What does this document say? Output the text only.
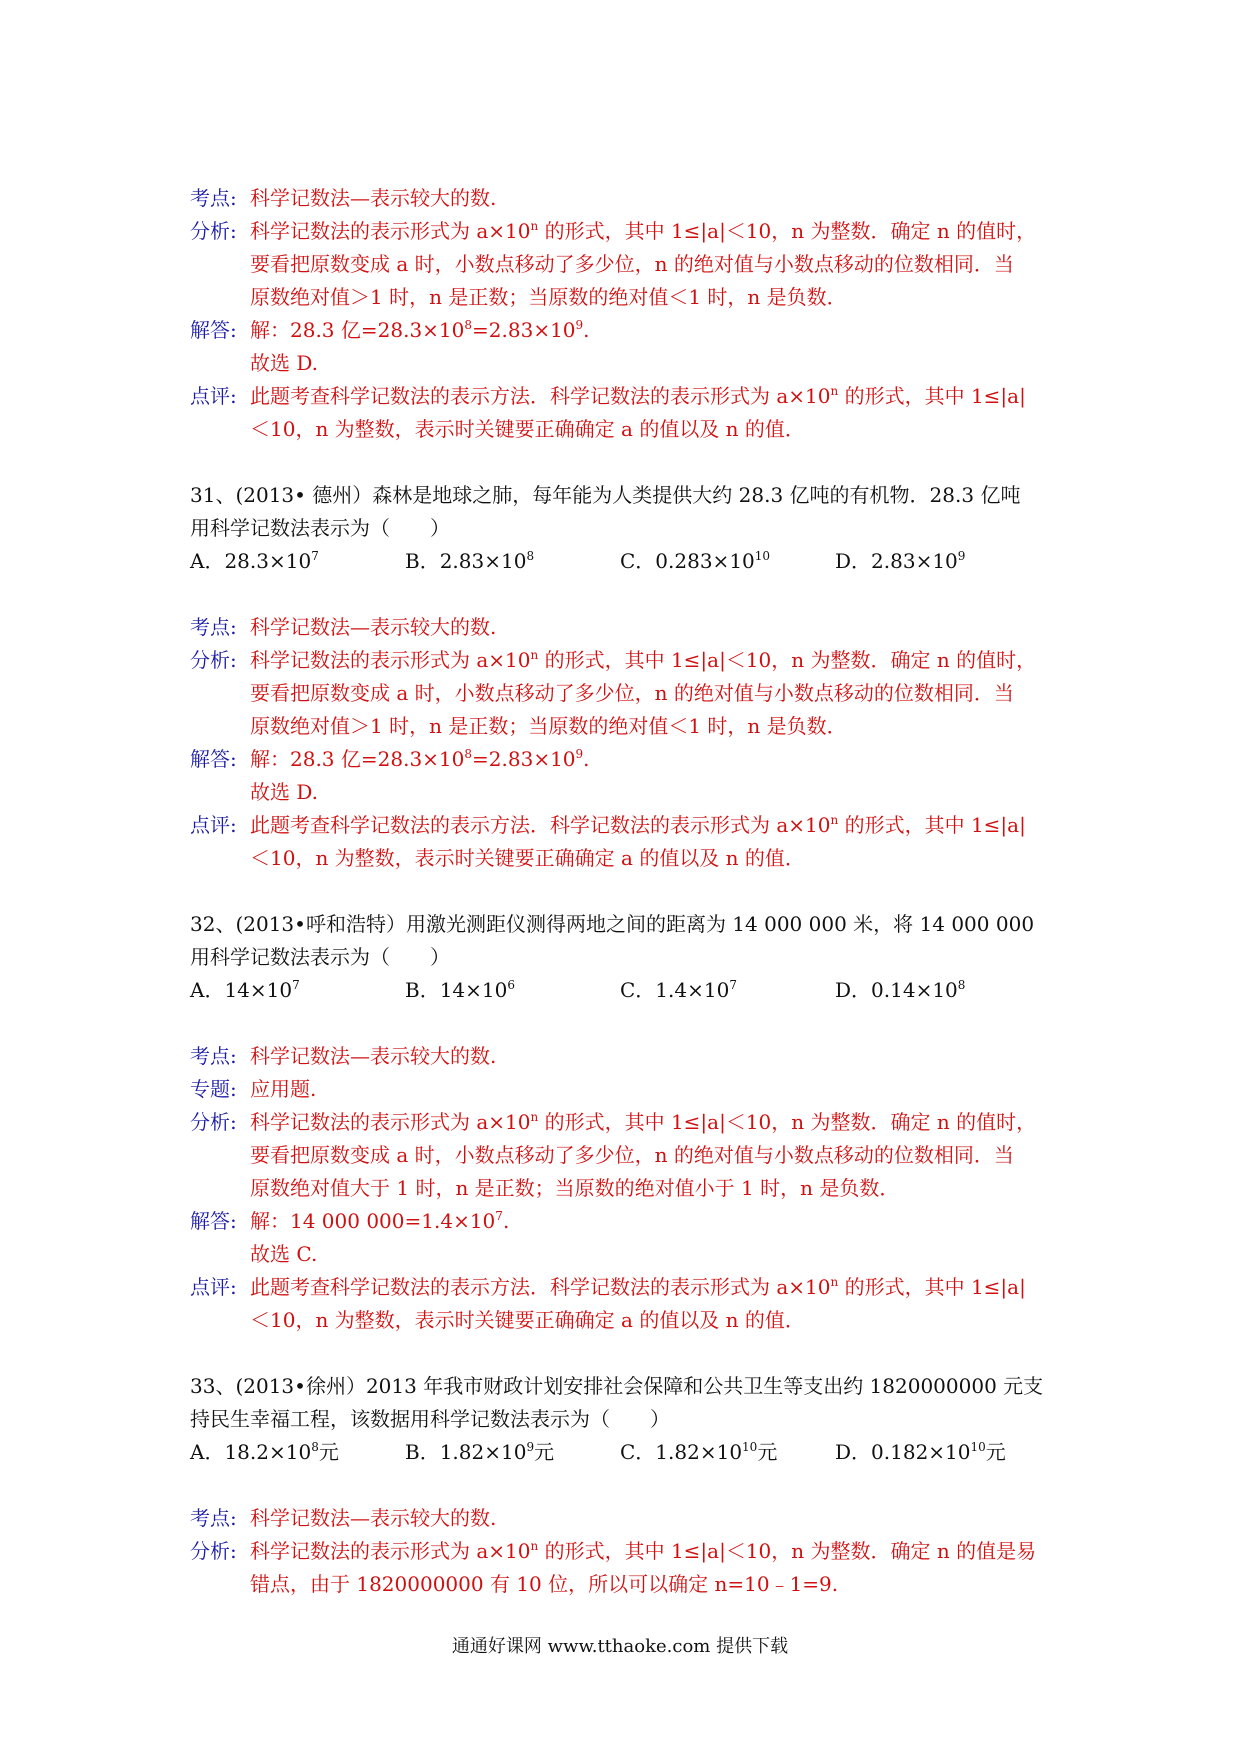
考点: 科学记数法—表示较大的数.
分析: 科学记数法的表示形式为 $a\times 10^n$ 的形式，其中 1≤|a|＜10，n 为整数．确定 n 的值时，
要看把原数变成 a 时，小数点移动了多少位，n 的绝对值与小数点移动的位数相同．当
原数绝对值＞1 时，n 是正数；当原数的绝对值＜1 时，n 是负数．
解答: 解：28.3 亿$=28.3\times 10^8=2.83\times 10^9$.
故选 D.
点评: 此题考查科学记数法的表示方法．科学记数法的表示形式为 $a\times 10^n$ 的形式，其中 1≤|a|
＜10，n 为整数，表示时关键要正确确定 a 的值以及 n 的值．
31、(2013• 德州）森林是地球之肺，每年能为人类提供大约 28.3 亿吨的有机物．28.3 亿吨
用科学记数法表示为（　　）
A．$28.3\times 10^7$	B．$2.83\times 10^8$	C．$0.283\times 10^{10}$	D．$2.83\times 10^9$
考点: 科学记数法—表示较大的数.
分析: 科学记数法的表示形式为 $a\times 10^n$ 的形式，其中 1≤|a|＜10，n 为整数．确定 n 的值时，
要看把原数变成 a 时，小数点移动了多少位，n 的绝对值与小数点移动的位数相同．当
原数绝对值＞1 时，n 是正数；当原数的绝对值＜1 时，n 是负数．
解答: 解：28.3 亿$=28.3\times 10^8=2.83\times 10^9$.
故选 D.
点评: 此题考查科学记数法的表示方法．科学记数法的表示形式为 $a\times 10^n$ 的形式，其中 1≤|a|
＜10，n 为整数，表示时关键要正确确定 a 的值以及 n 的值．
32、(2013•呼和浩特）用激光测距仪测得两地之间的距离为 14 000 000 米，将 14 000 000
用科学记数法表示为（　　）
A．$14\times 10^7$	B．$14\times 10^6$	C．$1.4\times 10^7$	D．$0.14\times 10^8$
考点: 科学记数法—表示较大的数.
专题: 应用题.
分析: 科学记数法的表示形式为 $a\times 10^n$ 的形式，其中 1≤|a|＜10，n 为整数．确定 n 的值时，
要看把原数变成 a 时，小数点移动了多少位，n 的绝对值与小数点移动的位数相同．当
原数绝对值大于 1 时，n 是正数；当原数的绝对值小于 1 时，n 是负数．
解答: 解：14 000 $000=1.4\times 10^7$.
故选 C.
点评: 此题考查科学记数法的表示方法．科学记数法的表示形式为 $a\times 10^n$ 的形式，其中 1≤|a|
＜10，n 为整数，表示时关键要正确确定 a 的值以及 n 的值．
33、(2013•徐州）2013 年我市财政计划安排社会保障和公共卫生等支出约 1820000000 元支
持民生幸福工程，该数据用科学记数法表示为（　　）
A．$18.2\times 10^8$元	B．$1.82\times 10^9$元	C．$1.82\times 10^{10}$元	D．$0.182\times 10^{10}$元
考点: 科学记数法—表示较大的数.
分析: 科学记数法的表示形式为 $a\times 10^n$ 的形式，其中 1≤|a|＜10，n 为整数．确定 n 的值是易
错点，由于 1820000000 有 10 位，所以可以确定 n=10﹣1=9.
通通好课网 www.tthaoke.com 提供下载
